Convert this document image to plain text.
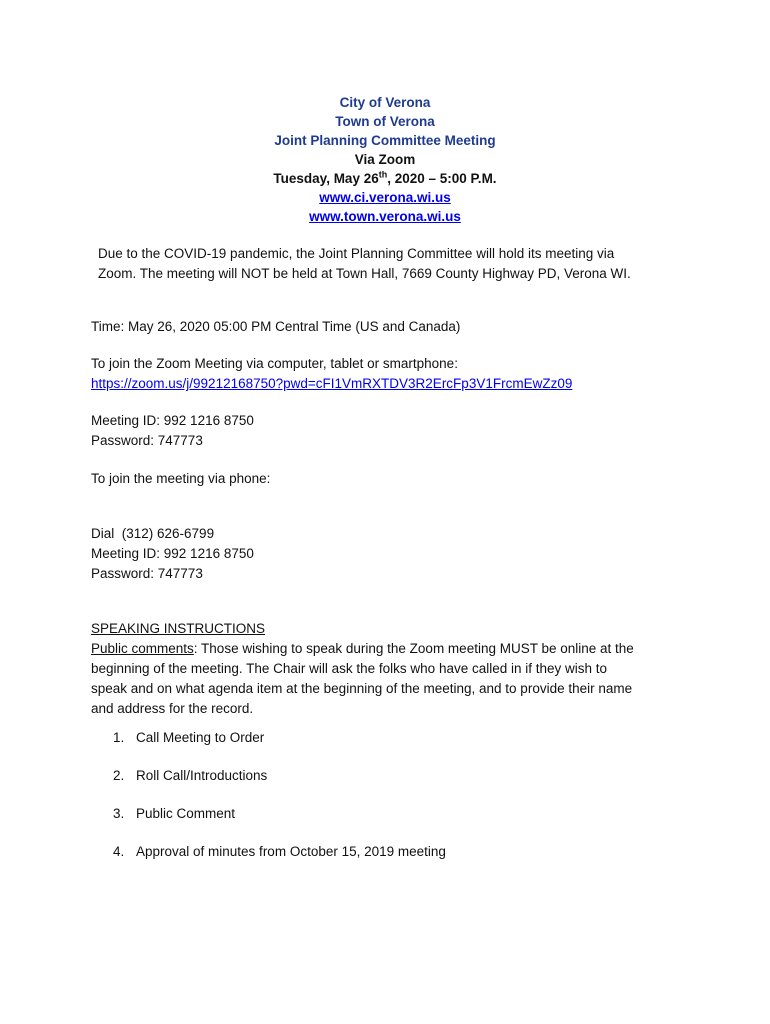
City of Verona
Town of Verona
Joint Planning Committee Meeting
Via Zoom
Tuesday, May 26th, 2020 – 5:00 P.M.
www.ci.verona.wi.us
www.town.verona.wi.us
Due to the COVID-19 pandemic, the Joint Planning Committee will hold its meeting via
Zoom. The meeting will NOT be held at Town Hall, 7669 County Highway PD, Verona WI.
Time: May 26, 2020 05:00 PM Central Time (US and Canada)
To join the Zoom Meeting via computer, tablet or smartphone:
https://zoom.us/j/99212168750?pwd=cFI1VmRXTDV3R2ErcFp3V1FrcmEwZz09
Meeting ID: 992 1216 8750
Password: 747773
To join the meeting via phone:
Dial  (312) 626-6799
Meeting ID: 992 1216 8750
Password: 747773
SPEAKING INSTRUCTIONS
Public comments: Those wishing to speak during the Zoom meeting MUST be online at the
beginning of the meeting. The Chair will ask the folks who have called in if they wish to
speak and on what agenda item at the beginning of the meeting, and to provide their name
and address for the record.
1. Call Meeting to Order
2. Roll Call/Introductions
3. Public Comment
4. Approval of minutes from October 15, 2019 meeting
